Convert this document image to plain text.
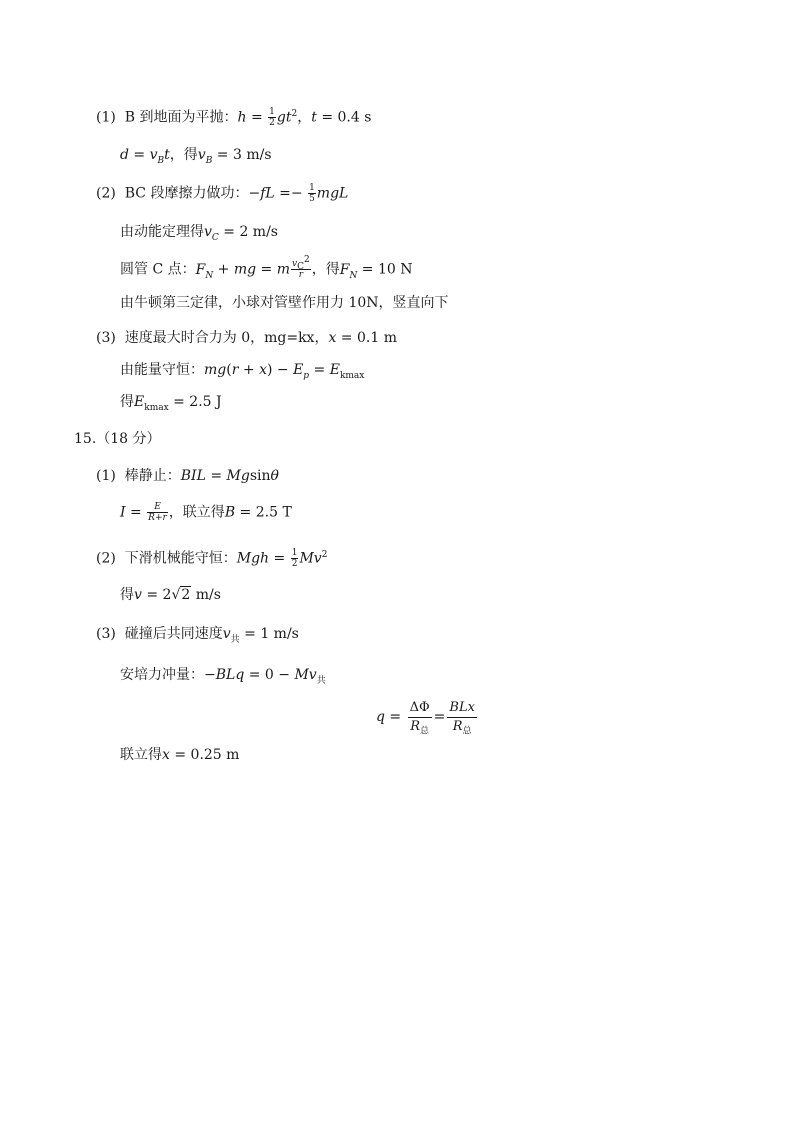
(1) B 到地面为平抛：$h = \frac{1}{2} gt^2$，t = 0.4 s
$d = v_Bt$，得$v_B = 3$ m/s
(2) BC 段摩擦力做功：$-fL =- \frac{1}{5}$ mgL
由动能定理得$v_C = 2$ m/s
圆管 C 点：$F_N$ + mg = m $\frac{v_C^2}{r}$ ，得$F_N = 10$ N
由牛顿第三定律，小球对管壁作用力 10N，竖直向下
(3)  速度最大时合力为 0，mg=kx，x = 0.1 m
由能量守恒：$mg(r + x) - E_p = E_{kmax}$
得$E_{kmax} = 2.5$ J
15.（18 分）
(1)  棒静止：BIL = Mgsinθ
$I = \frac{E}{R+r}$ ，联立得B = 2.5 T
(2)  下滑机械能守恒：Mgh = $\frac{1}{2} Mv^2$
得v = 2√2 m/s
(3)  碰撞后共同速度$v_共 = 1$ m/s
安培力冲量：$-BLq = 0 - Mv_共$
$q = \frac{\Delta\Phi}{R_总} = \frac{\text{BLx}}{R_总}$
联立得x = 0.25 m
